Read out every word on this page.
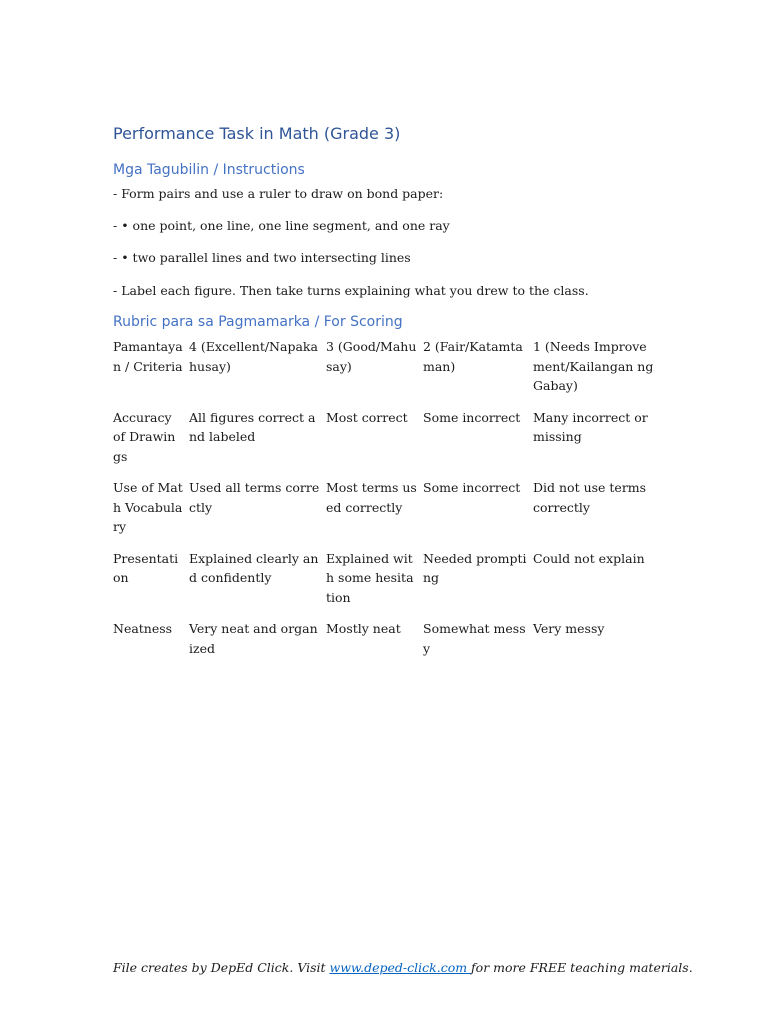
Performance Task in Math (Grade 3)
Mga Tagubilin / Instructions

- Form pairs and use a ruler to draw on bond paper:

- • one point, one line, one line segment, and one ray

- • two parallel lines and two intersecting lines

- Label each figure. Then take turns explaining what you drew to the class.

Rubric para sa Pagmamarka / For Scoring
Pamantayan / Criteria	4 (Excellent/Napakahusay)	3 (Good/Mahusay)	2 (Fair/Katamtaman)	1 (Needs Improvement/Kailangan ng Gabay)
Accuracy of Drawings	All figures correct and labeled	Most correct	Some incorrect	Many incorrect or missing
Use of Math Vocabulary	Used all terms correctly	Most terms used correctly	Some incorrect	Did not use terms correctly
Presentation	Explained clearly and confidently	Explained with some hesitation	Needed prompting	Could not explain
Neatness	Very neat and organized	Mostly neat	Somewhat messy	Very messy

File creates by DepEd Click. Visit www.deped-click.com for more FREE teaching materials.
